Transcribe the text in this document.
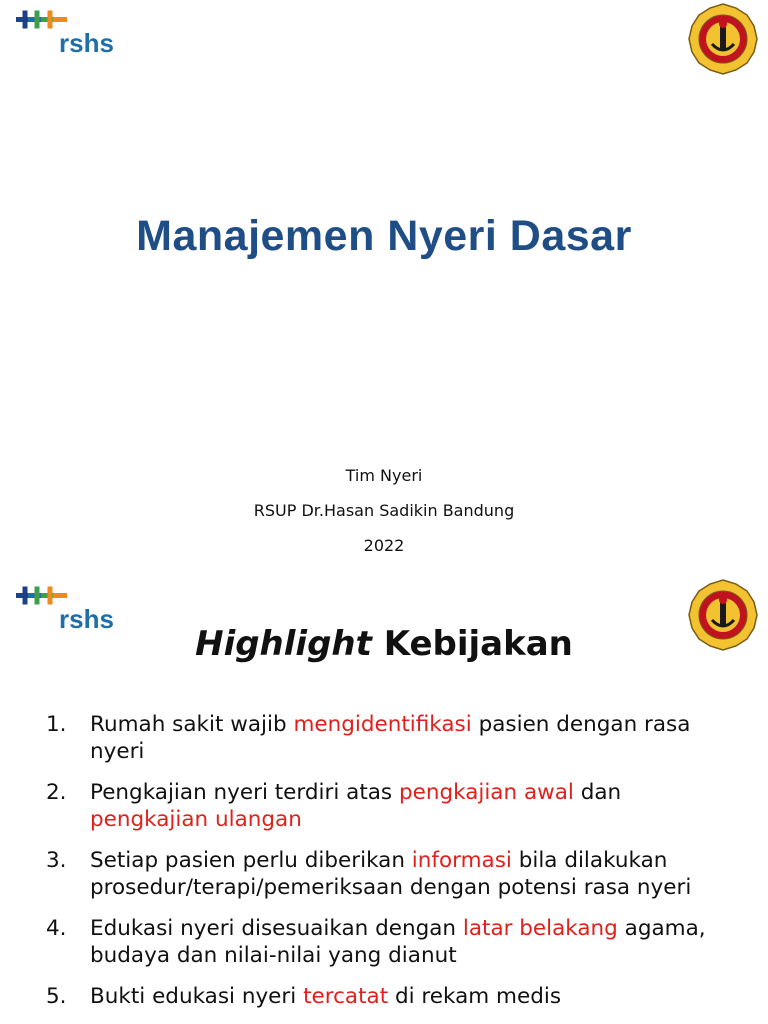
rshs
Manajemen Nyeri Dasar
Tim Nyeri
RSUP Dr.Hasan Sadikin Bandung
2022
rshs
Highlight Kebijakan
1. Rumah sakit wajib mengidentifikasi pasien dengan rasa nyeri
2. Pengkajian nyeri terdiri atas pengkajian awal dan pengkajian ulangan
3. Setiap pasien perlu diberikan informasi bila dilakukan prosedur/terapi/pemeriksaan dengan potensi rasa nyeri
4. Edukasi nyeri disesuaikan dengan latar belakang agama, budaya dan nilai-nilai yang dianut
5. Bukti edukasi nyeri tercatat di rekam medis
